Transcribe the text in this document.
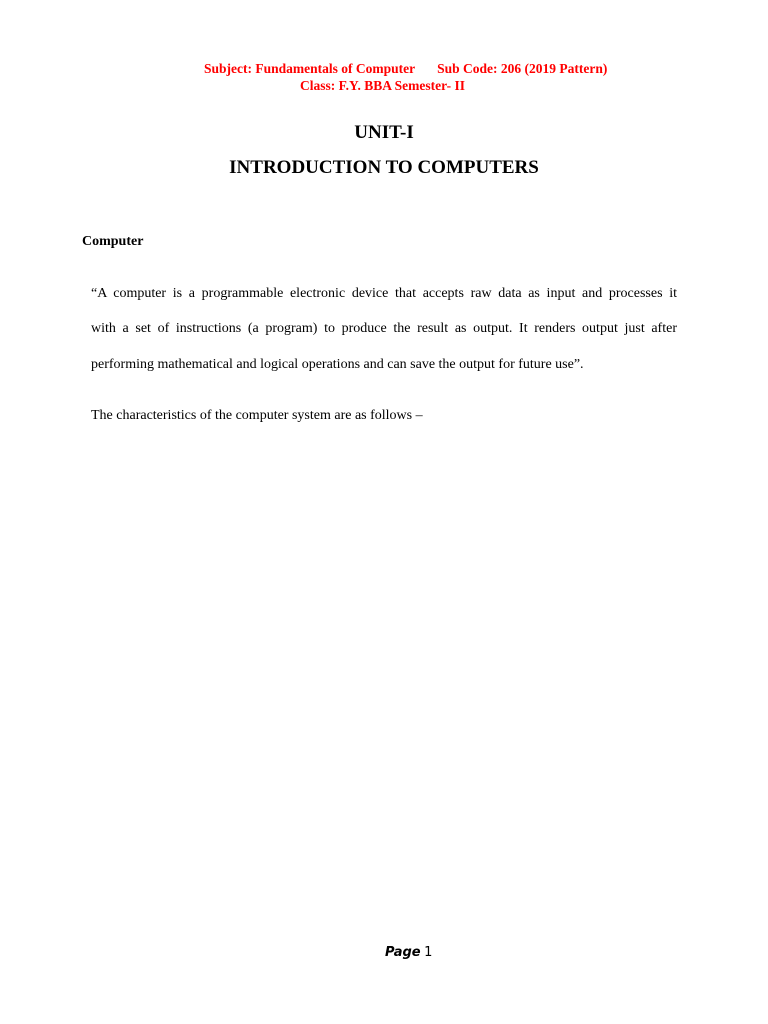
Subject: Fundamentals of Computer Sub Code: 206 (2019 Pattern)
Class: F.Y. BBA Semester- II
UNIT-I
INTRODUCTION TO COMPUTERS
Computer
“A computer is a programmable electronic device that accepts raw data as input and processes it
with a set of instructions (a program) to produce the result as output. It renders output just after
performing mathematical and logical operations and can save the output for future use”.
The characteristics of the computer system are as follows –
Page 1
